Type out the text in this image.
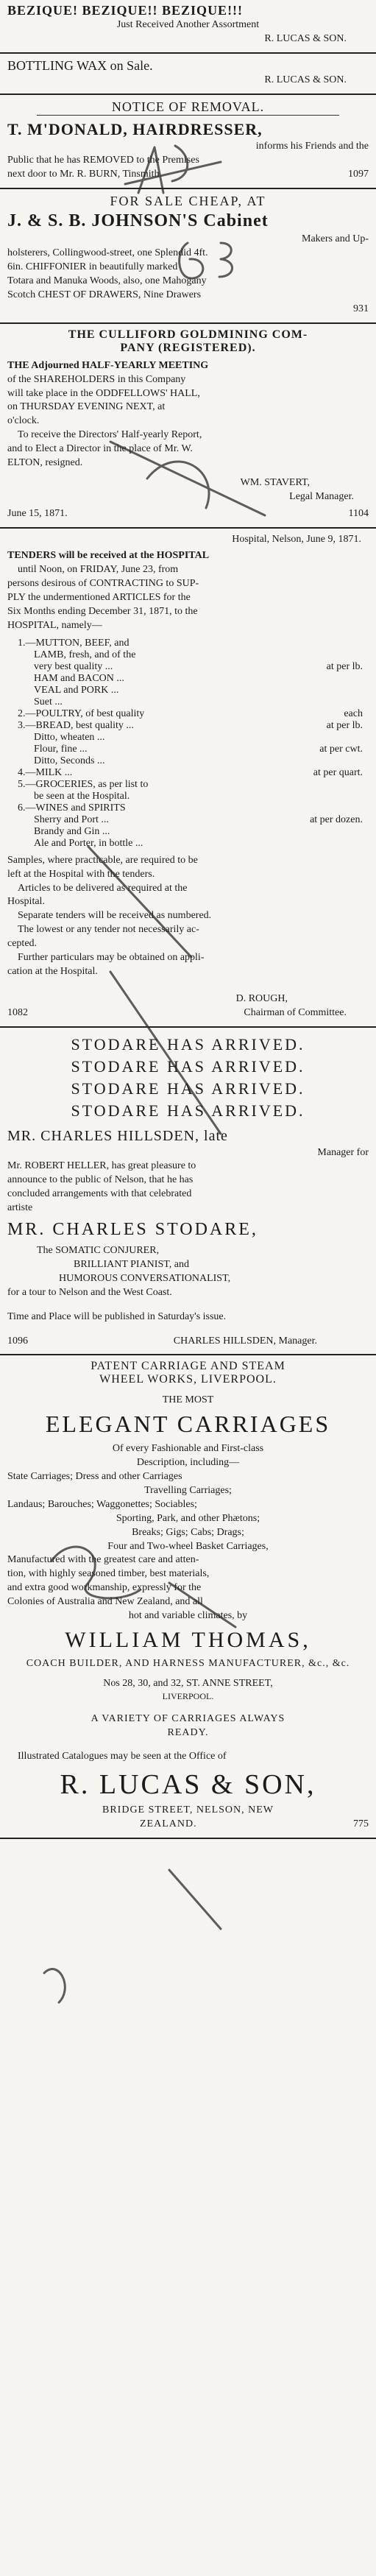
BEZIQUE! BEZIQUE!! BEZIQUE!!!
Just Received Another Assortment
R. LUCAS & SON.
BOTTLING WAX on Sale.
R. LUCAS & SON.
NOTICE OF REMOVAL.
T. M'DONALD, HAIRDRESSER,
informs his Friends and the
Public that he has REMOVED to the Premises
next door to Mr. R. BURN, Tinsmith.	1097
FOR SALE CHEAP, AT
J. & S. B. JOHNSON'S Cabinet
Makers and Up-
holsterers, Collingwood-street, one Splendid 4ft.
6in. CHIFFONIER in beautifully marked
Totara and Manuka Woods, also, one Mahogany
Scotch CHEST OF DRAWERS, Nine Drawers
931
THE CULLIFORD GOLDMINING COM-
PANY (REGISTERED).
THE Adjourned HALF-YEARLY MEETING
of the SHAREHOLDERS in this Company
will take place in the ODDFELLOWS' HALL,
on THURSDAY EVENING NEXT, at
o'clock.
To receive the Directors' Half-yearly Report,
and to Elect a Director in the place of Mr. W.
ELTON, resigned.
WM. STAVERT,
Legal Manager.
June 15, 1871.	1104
Hospital, Nelson, June 9, 1871.
TENDERS will be received at the HOSPITAL
until Noon, on FRIDAY, June 23, from
persons desirous of CONTRACTING to SUP-
PLY the undermentioned ARTICLES for the
Six Months ending December 31, 1871, to the
HOSPITAL, namely—
1.—MUTTON, BEEF, and
LAMB, fresh, and of the
very best quality ...	at per lb.
HAM and BACON ...
VEAL and PORK ...
Suet ...
2.—POULTRY, of best quality	each
3.—BREAD, best quality ...	at per lb.
Ditto, wheaten ...
Flour, fine ...	at per cwt.
Ditto, Seconds ...
4.—MILK ...	at per quart.
5.—GROCERIES, as per list to
be seen at the Hospital.
6.—WINES and SPIRITS
Sherry and Port ...	at per dozen.
Brandy and Gin ...
Ale and Porter, in bottle ...
Samples, where practicable, are required to be
left at the Hospital with the tenders.
Articles to be delivered as required at the
Hospital.
Separate tenders will be received as numbered.
The lowest or any tender not necessarily ac-
cepted.
Further particulars may be obtained on appli-
cation at the Hospital.
D. ROUGH,
1082	Chairman of Committee.
STODARE HAS ARRIVED.
STODARE HAS ARRIVED.
STODARE HAS ARRIVED.
STODARE HAS ARRIVED.
MR. CHARLES HILLSDEN, late
Manager for
Mr. ROBERT HELLER, has great pleasure to
announce to the public of Nelson, that he has
concluded arrangements with that celebrated
artiste
MR. CHARLES STODARE,
The SOMATIC CONJURER,
BRILLIANT PIANIST, and
HUMOROUS CONVERSATIONALIST,
for a tour to Nelson and the West Coast.
Time and Place will be published in Saturday's issue.
1096	CHARLES HILLSDEN, Manager.
PATENT CARRIAGE AND STEAM
WHEEL WORKS, LIVERPOOL.
THE MOST
ELEGANT CARRIAGES
Of every Fashionable and First-class
Description, including—
State Carriages; Dress and other Carriages
Travelling Carriages;
Landaus; Barouches; Waggonettes; Sociables;
Sporting, Park, and other Phætons;
Breaks; Gigs; Cabs; Drags;
Four and Two-wheel Basket Carriages,
Manufactured with the greatest care and atten-
tion, with highly seasoned timber, best materials,
and extra good workmanship, expressly for the
Colonies of Australia and New Zealand, and all
hot and variable climates, by
WILLIAM THOMAS,
COACH BUILDER, AND HARNESS MANUFACTURER, &c., &c.
Nos 28, 30, and 32, ST. ANNE STREET,
LIVERPOOL.
A VARIETY OF CARRIAGES ALWAYS
READY.
Illustrated Catalogues may be seen at the Office of
R. LUCAS & SON,
BRIDGE STREET, NELSON, NEW
ZEALAND.	775
